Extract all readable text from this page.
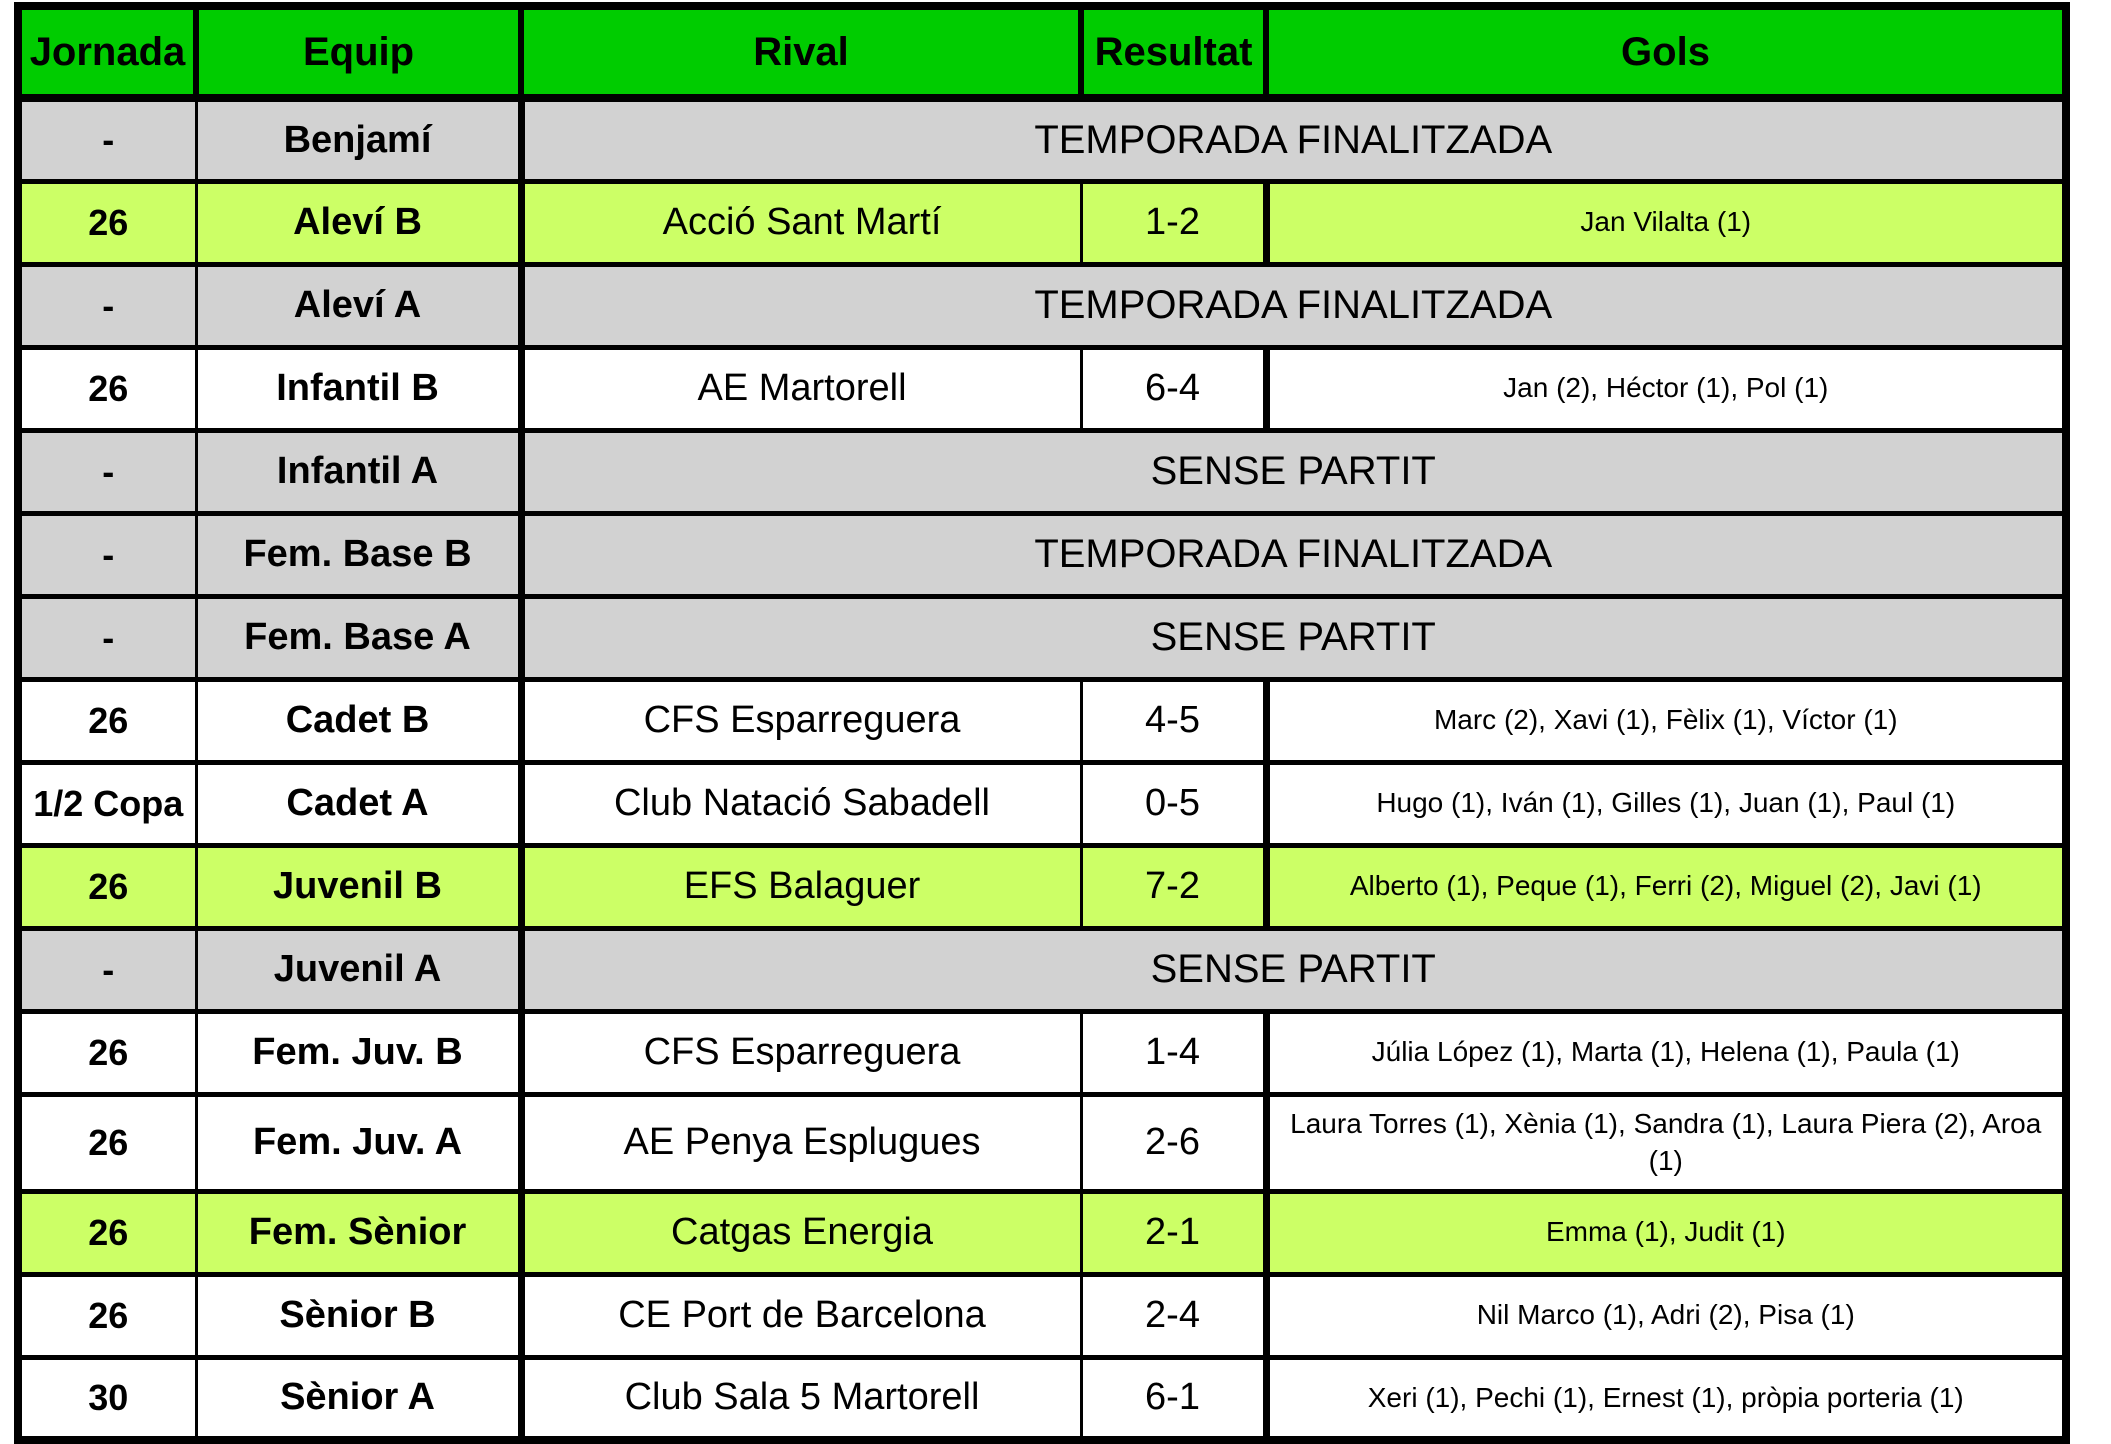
Jornada	Equip	Rival	Resultat	Gols
-	Benjamí	TEMPORADA FINALITZADA		
26	Aleví B	Acció Sant Martí	1-2	Jan Vilalta (1)
-	Aleví A	TEMPORADA FINALITZADA		
26	Infantil B	AE Martorell	6-4	Jan (2), Héctor (1), Pol (1)
-	Infantil A	SENSE PARTIT		
-	Fem. Base B	TEMPORADA FINALITZADA		
-	Fem. Base A	SENSE PARTIT		
26	Cadet B	CFS Esparreguera	4-5	Marc (2), Xavi (1), Fèlix (1), Víctor (1)
1/2 Copa	Cadet A	Club Natació Sabadell	0-5	Hugo (1), Iván (1), Gilles (1), Juan (1), Paul (1)
26	Juvenil B	EFS Balaguer	7-2	Alberto (1), Peque (1), Ferri (2), Miguel (2), Javi (1)
-	Juvenil A	SENSE PARTIT		
26	Fem. Juv. B	CFS Esparreguera	1-4	Júlia López (1), Marta (1), Helena (1), Paula (1)
26	Fem. Juv. A	AE Penya Esplugues	2-6	Laura Torres (1), Xènia (1), Sandra (1), Laura Piera (2), Aroa (1)
26	Fem. Sènior	Catgas Energia	2-1	Emma (1), Judit (1)
26	Sènior B	CE Port de Barcelona	2-4	Nil Marco (1), Adri (2), Pisa (1)
30	Sènior A	Club Sala 5 Martorell	6-1	Xeri (1), Pechi (1), Ernest (1), pròpia porteria (1)
